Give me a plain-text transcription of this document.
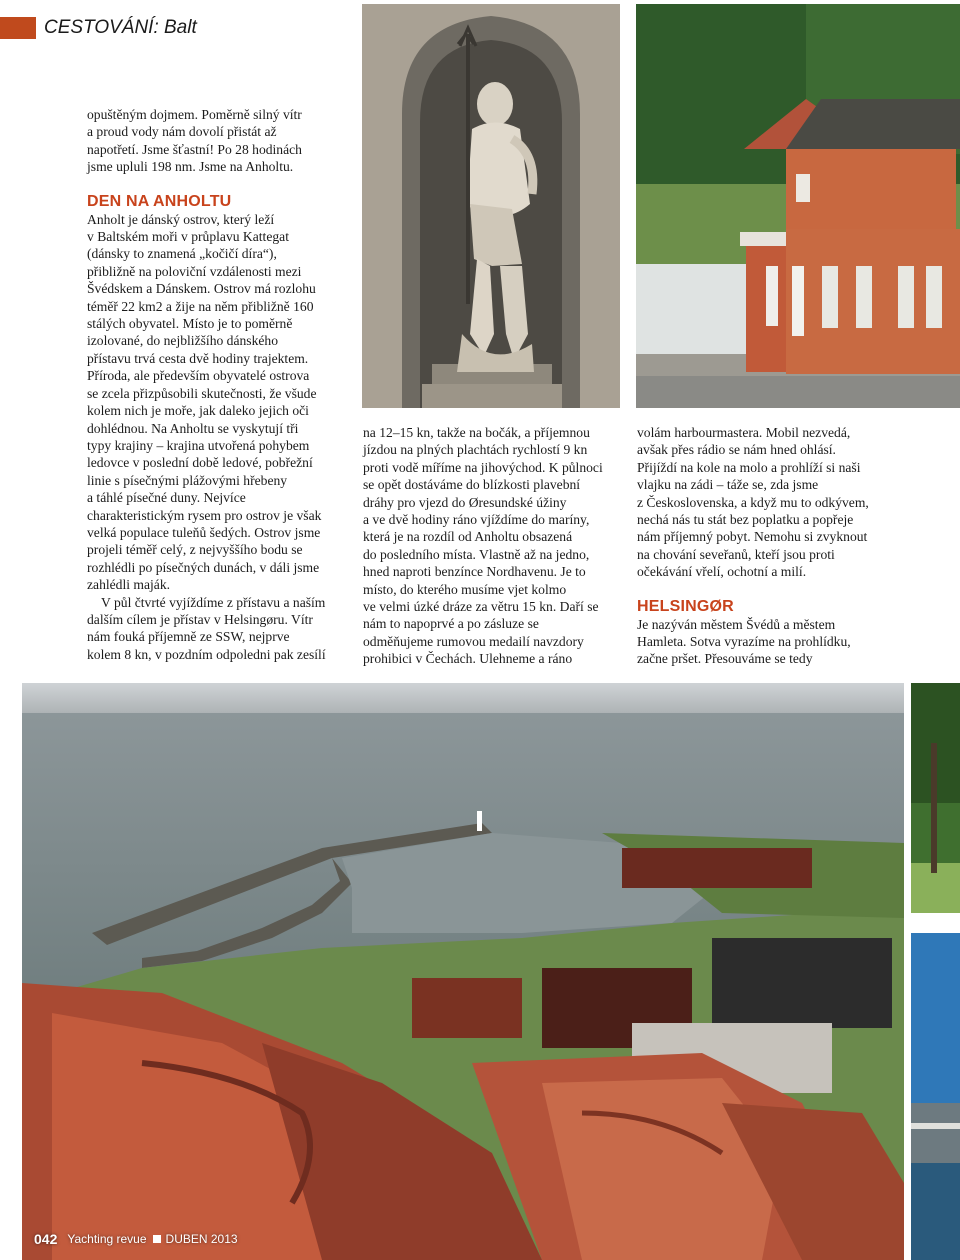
CESTOVÁNÍ: Balt

opuštěným dojmem. Poměrně silný vítr

a proud vody nám dovolí přistát až

napotřetí. Jsme šťastní! Po 28 hodinách

jsme upluli 198 nm. Jsme na Anholtu.

DEN NA ANHOLTU

Anholt je dánský ostrov, který leží

v Baltském moři v průplavu Kattegat

(dánsky to znamená „kočičí díra“),

přibližně na poloviční vzdálenosti mezi

Švédskem a Dánskem. Ostrov má rozlohu

téměř 22 km2 a žije na něm přibližně 160

stálých obyvatel. Místo je to poměrně

izolované, do nejbližšího dánského

přístavu trvá cesta dvě hodiny trajektem.

Příroda, ale především obyvatelé ostrova

se zcela přizpůsobili skutečnosti, že všude

kolem nich je moře, jak daleko jejich oči

dohlédnou. Na Anholtu se vyskytují tři

typy krajiny – krajina utvořená pohybem

ledovce v poslední době ledové, pobřežní

linie s písečnými plážovými hřebeny

a táhlé písečné duny. Nejvíce

charakteristickým rysem pro ostrov je však

velká populace tuleňů šedých. Ostrov jsme

projeli téměř celý, z nejvyššího bodu se

rozhlédli po písečných dunách, v dáli jsme

zahlédli maják.

V půl čtvrté vyjíždíme z přístavu a naším

dalším cílem je přístav v Helsingøru. Vítr

nám fouká příjemně ze SSW, nejprve

kolem 8 kn, v pozdním odpoledni pak zesílí

na 12–15 kn, takže na bočák, a příjemnou

jízdou na plných plachtách rychlostí 9 kn

proti vodě míříme na jihovýchod. K půlnoci

se opět dostáváme do blízkosti plavební

dráhy pro vjezd do Øresundské úžiny

a ve dvě hodiny ráno vjíždíme do maríny,

která je na rozdíl od Anholtu obsazená

do posledního místa. Vlastně až na jedno,

hned naproti benzínce Nordhavenu. Je to

místo, do kterého musíme vjet kolmo

ve velmi úzké dráze za větru 15 kn. Daří se

nám to napoprvé a po zásluze se

odměňujeme rumovou medailí navzdory

prohibici v Čechách. Ulehneme a ráno

volám harbourmastera. Mobil nezvedá,

avšak přes rádio se nám hned ohlásí.

Přijíždí na kole na molo a prohlíží si naši

vlajku na zádi – táže se, zda jsme

z Československa, a když mu to odkývem,

nechá nás tu stát bez poplatku a popřeje

nám příjemný pobyt. Nemohu si zvyknout

na chování seveřanů, kteří jsou proti

očekávání vřelí, ochotní a milí.

HELSINGØR

Je nazýván městem Švédů a městem

Hamleta. Sotva vyrazíme na prohlídku,

začne pršet. Přesouváme se tedy

042 Yachting revue DUBEN 2013
